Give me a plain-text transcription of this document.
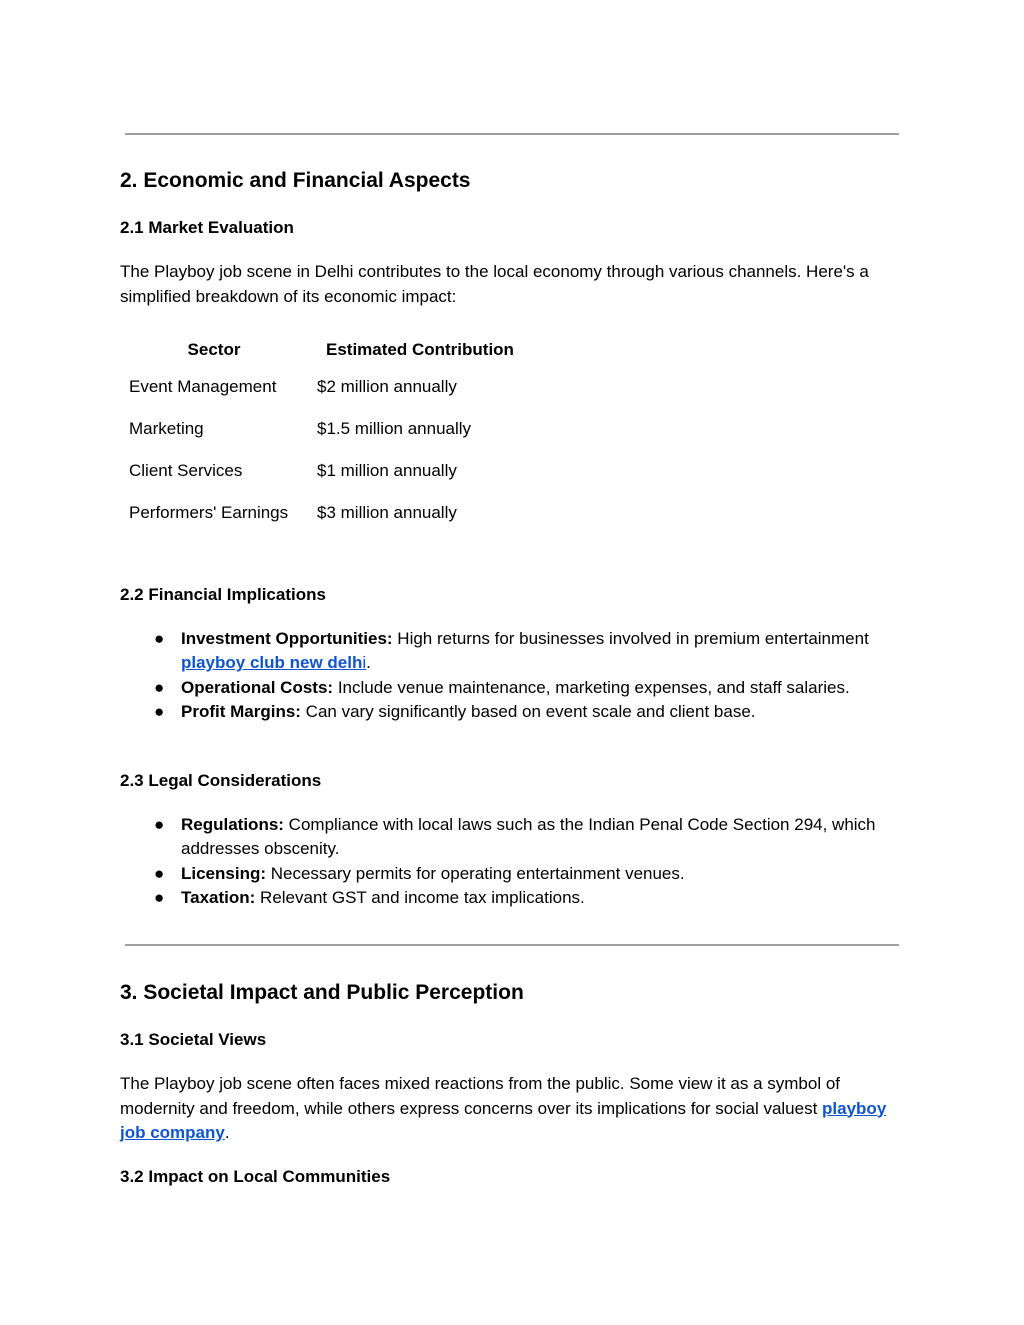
2. Economic and Financial Aspects
2.1 Market Evaluation

The Playboy job scene in Delhi contributes to the local economy through various channels. Here's a simplified breakdown of its economic impact:

Sector	Estimated Contribution
Event Management	$2 million annually
Marketing	$1.5 million annually
Client Services	$1 million annually
Performers' Earnings	$3 million annually
2.2 Financial Implications
● Investment Opportunities: High returns for businesses involved in premium entertainment playboy club new delhi.
● Operational Costs: Include venue maintenance, marketing expenses, and staff salaries.
● Profit Margins: Can vary significantly based on event scale and client base.
2.3 Legal Considerations
● Regulations: Compliance with local laws such as the Indian Penal Code Section 294, which addresses obscenity.
● Licensing: Necessary permits for operating entertainment venues.
● Taxation: Relevant GST and income tax implications.
3. Societal Impact and Public Perception
3.1 Societal Views

The Playboy job scene often faces mixed reactions from the public. Some view it as a symbol of modernity and freedom, while others express concerns over its implications for social valuest playboy job company.

3.2 Impact on Local Communities
